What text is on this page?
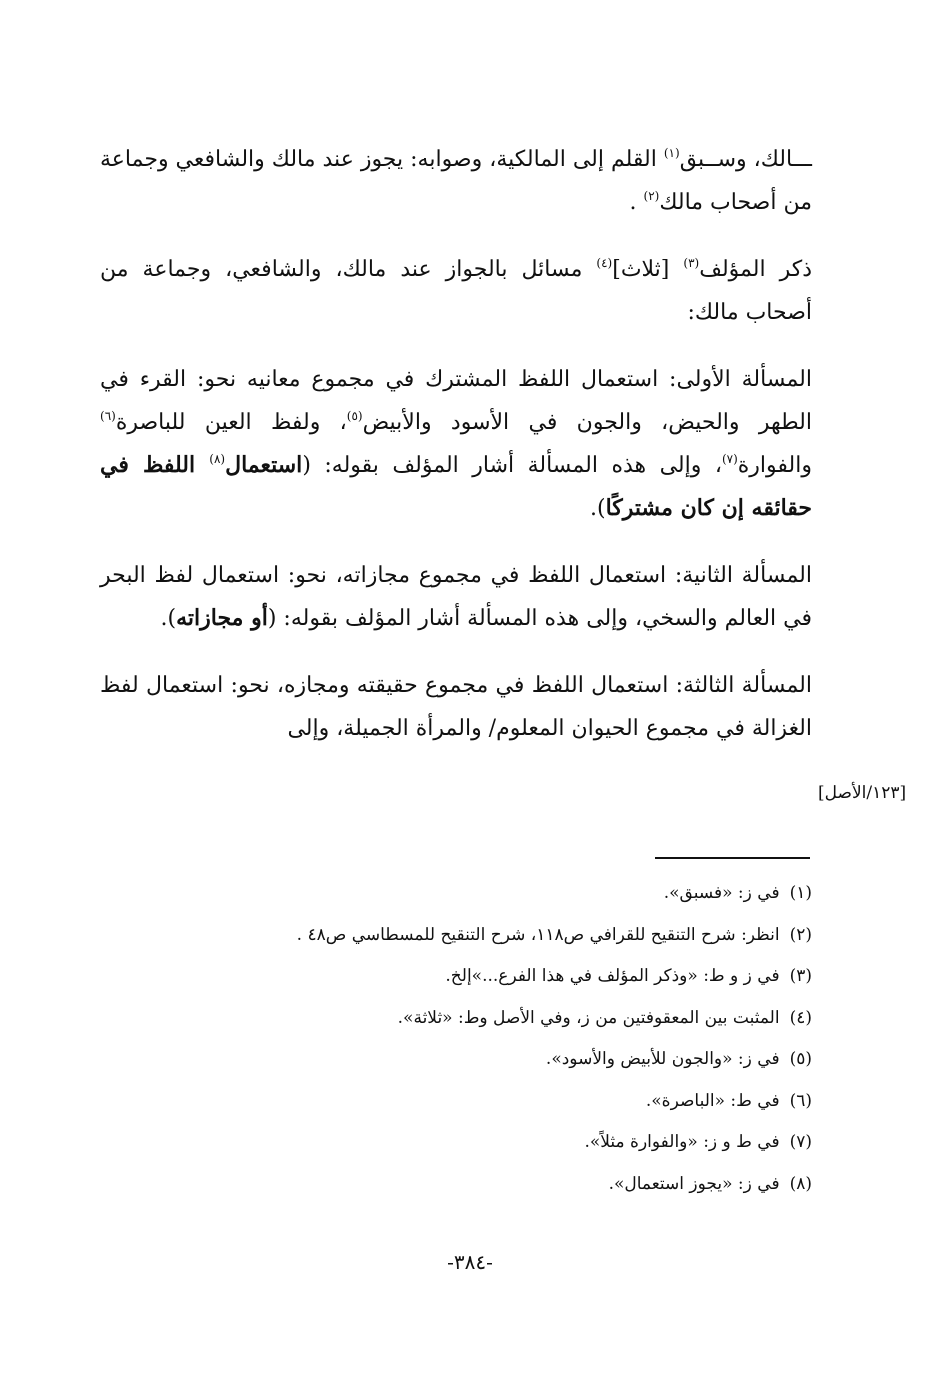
ـــالك، وســبق$^{(١)}$ القلم إلى المالكية، وصوابه: يجوز عند مالك والشافعي وجماعة من أصحاب مالك$^{(٢)}$ .

ذكر المؤلف$^{(٣)}$ [ثلاث]$^{(٤)}$ مسائل بالجواز عند مالك، والشافعي، وجماعة من أصحاب مالك:

المسألة الأولى: استعمال اللفظ المشترك في مجموع معانيه نحو: القرء في الطهر والحيض، والجون في الأسود والأبيض$^{(٥)}$، ولفظ العين للباصرة$^{(٦)}$ والفوارة$^{(٧)}$، وإلى هذه المسألة أشار المؤلف بقوله: (استعمال$^{(٨)}$ اللفظ في حقائقه إن كان مشتركًا).

المسألة الثانية: استعمال اللفظ في مجموع مجازاته، نحو: استعمال لفظ البحر في العالم والسخي، وإلى هذه المسألة أشار المؤلف بقوله: (أو مجازاته).

المسألة الثالثة: استعمال اللفظ في مجموع حقيقته ومجازه، نحو: استعمال لفظ الغزالة في مجموع الحيوان المعلوم/ والمرأة الجميلة، وإلى

[١٢٣/الأصل]
(١)في ز: «فسبق».
(٢)انظر: شرح التنقيح للقرافي ص١١٨، شرح التنقيح للمسطاسي ص٤٨ .
(٣)في ز و ط: «وذكر المؤلف في هذا الفرع...»إلخ.
(٤)المثبت بين المعقوفتين من ز، وفي الأصل وط: «ثلاثة».
(٥)في ز: «والجون للأبيض والأسود».
(٦)في ط: «الباصرة».
(٧)في ط و ز: «والفوارة مثلاً».
(٨)في ز: «يجوز استعمال».
-٣٨٤-
